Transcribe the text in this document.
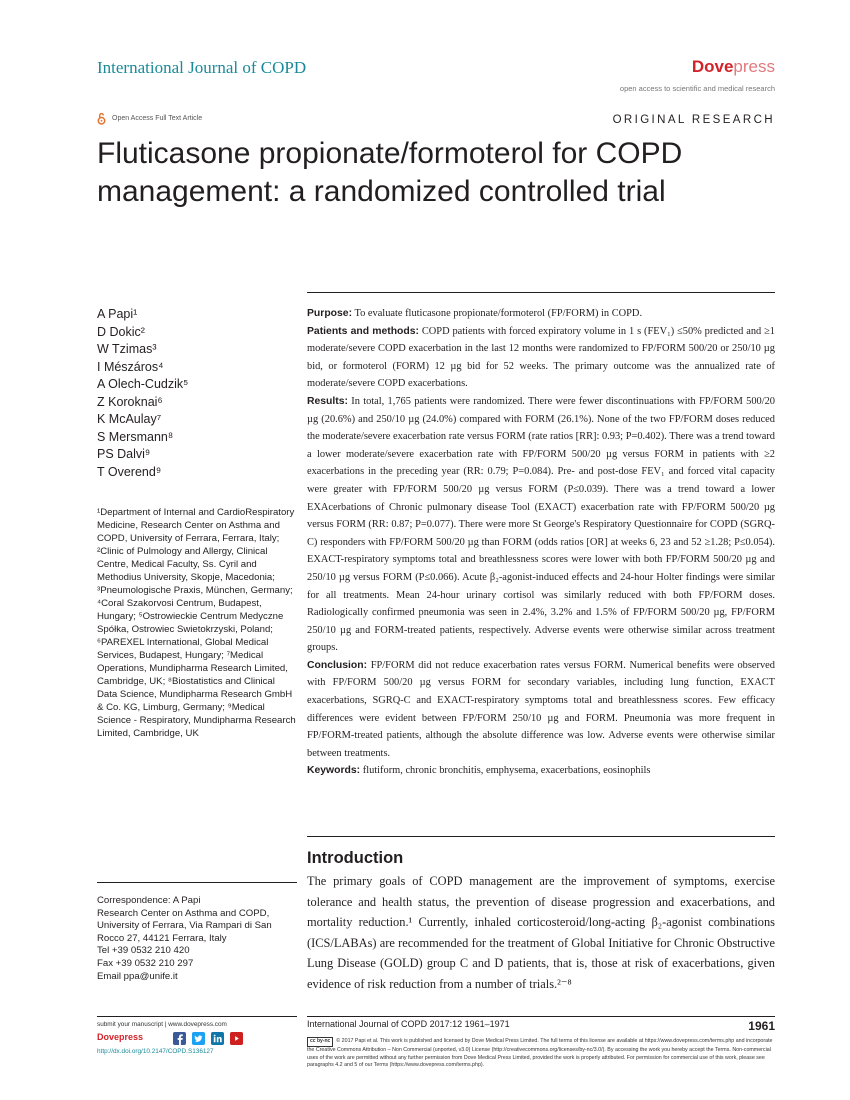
International Journal of COPD	Dovepress
open access to scientific and medical research
Open Access Full Text Article	ORIGINAL RESEARCH
Fluticasone propionate/formoterol for COPD
management: a randomized controlled trial
A Papi¹
D Dokic²
W Tzimas³
I Mészáros⁴
A Olech-Cudzik⁵
Z Koroknai⁶
K McAulay⁷
S Mersmann⁸
PS Dalvi⁹
T Overend⁹
¹Department of Internal and CardioRespiratory Medicine, Research Center on Asthma and COPD, University of Ferrara, Ferrara, Italy; ²Clinic of Pulmology and Allergy, Clinical Centre, Medical Faculty, Ss. Cyril and Methodius University, Skopje, Macedonia; ³Pneumologische Praxis, München, Germany; ⁴Coral Szakorvosi Centrum, Budapest, Hungary; ⁵Ostrowieckie Centrum Medyczne Spółka, Ostrowiec Swietokrzyski, Poland; ⁶PAREXEL International, Global Medical Services, Budapest, Hungary; ⁷Medical Operations, Mundipharma Research Limited, Cambridge, UK; ⁸Biostatistics and Clinical Data Science, Mundipharma Research GmbH & Co. KG, Limburg, Germany; ⁹Medical Science - Respiratory, Mundipharma Research Limited, Cambridge, UK
Correspondence: A Papi
Research Center on Asthma and COPD,
University of Ferrara, Via Rampari di San
Rocco 27, 44121 Ferrara, Italy
Tel +39 0532 210 420
Fax +39 0532 210 297
Email ppa@unife.it

Purpose: To evaluate fluticasone propionate/formoterol (FP/FORM) in COPD.

Patients and methods: COPD patients with forced expiratory volume in 1 s (FEV₁) ≤50% predicted and ≥1 moderate/severe COPD exacerbation in the last 12 months were randomized to FP/FORM 500/20 or 250/10 µg bid, or formoterol (FORM) 12 µg bid for 52 weeks. The primary outcome was the annualized rate of moderate/severe COPD exacerbations.

Results: In total, 1,765 patients were randomized. There were fewer discontinuations with FP/FORM 500/20 µg (20.6%) and 250/10 µg (24.0%) compared with FORM (26.1%). None of the two FP/FORM doses reduced the moderate/severe exacerbation rate versus FORM (rate ratios [RR]: 0.93; P=0.402). There was a trend toward a lower moderate/severe exacerbation rate with FP/FORM 500/20 µg versus FORM in patients with ≥2 exacerbations in the preceding year (RR: 0.79; P=0.084). Pre- and post-dose FEV₁ and forced vital capacity were greater with FP/FORM 500/20 µg versus FORM (P≤0.039). There was a trend toward a lower EXAcerbations of Chronic pulmonary disease Tool (EXACT) exacerbation rate with FP/FORM 500/20 µg versus FORM (RR: 0.87; P=0.077). There were more St George's Respiratory Questionnaire for COPD (SGRQ-C) responders with FP/FORM 500/20 µg than FORM (odds ratios [OR] at weeks 6, 23 and 52 ≥1.28; P≤0.054). EXACT-respiratory symptoms total and breathlessness scores were lower with both FP/FORM 500/20 µg and 250/10 µg versus FORM (P≤0.066). Acute β₂-agonist-induced effects and 24-hour Holter findings were similar for all treatments. Mean 24-hour urinary cortisol was similarly reduced with both FP/FORM doses. Radiologically confirmed pneumonia was seen in 2.4%, 3.2% and 1.5% of FP/FORM 500/20 µg, FP/FORM 250/10 µg and FORM-treated patients, respectively. Adverse events were otherwise similar across treatment groups.

Conclusion: FP/FORM did not reduce exacerbation rates versus FORM. Numerical benefits were observed with FP/FORM 500/20 µg versus FORM for secondary variables, including lung function, EXACT exacerbations, SGRQ-C and EXACT-respiratory symptoms total and breathlessness scores. Few efficacy differences were evident between FP/FORM 250/10 µg and FORM. Pneumonia was more frequent in FP/FORM-treated patients, although the absolute difference was low. Adverse events were otherwise similar between treatments.

Keywords: flutiform, chronic bronchitis, emphysema, exacerbations, eosinophils

Introduction

The primary goals of COPD management are the improvement of symptoms, exercise tolerance and health status, the prevention of disease progression and exacerbations, and mortality reduction.¹ Currently, inhaled corticosteroid/long-acting β₂-agonist combinations (ICS/LABAs) are recommended for the treatment of Global Initiative for Chronic Obstructive Lung Disease (GOLD) group C and D patients, that is, those at risk of exacerbations, given evidence of risk reduction from a number of trials.²⁻⁸

submit your manuscript | www.dovepress.com
Dovepress
http://dx.doi.org/10.2147/COPD.S136127
International Journal of COPD 2017:12 1961–1971	1961
cc by-nc © 2017 Papi et al. This work is published and licensed by Dove Medical Press Limited. The full terms of this license are available at https://www.dovepress.com/terms.php and incorporate the Creative Commons Attribution – Non Commercial (unported, v3.0) License (http://creativecommons.org/licenses/by-nc/3.0/). By accessing the work you hereby accept the Terms. Non-commercial uses of the work are permitted without any further permission from Dove Medical Press Limited, provided the work is properly attributed. For permission for commercial use of this work, please see paragraphs 4.2 and 5 of our Terms (https://www.dovepress.com/terms.php).
